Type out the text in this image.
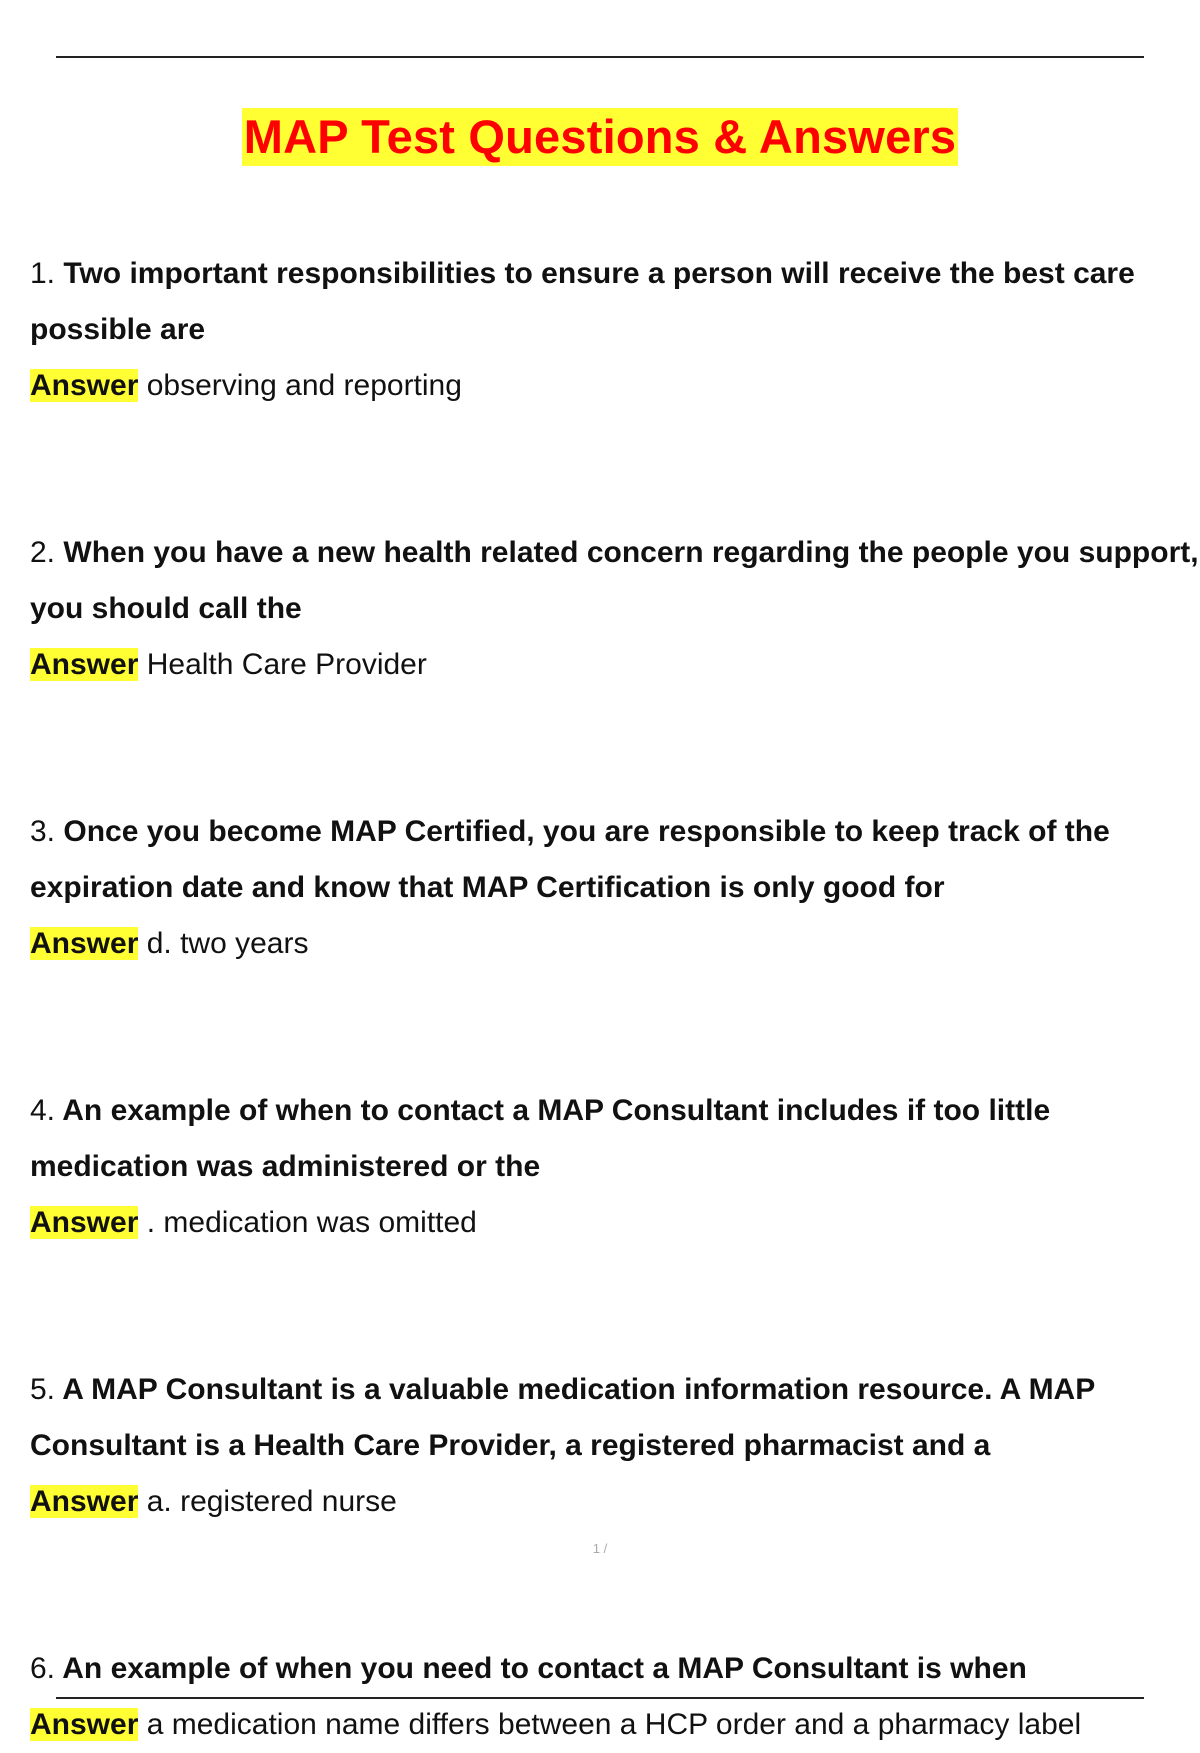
MAP Test Questions & Answers
1. Two important responsibilities to ensure a person will receive the best care possible are
Answer observing and reporting
2. When you have a new health related concern regarding the people you support, you should call the
Answer Health Care Provider
3. Once you become MAP Certified, you are responsible to keep track of the expiration date and know that MAP Certification is only good for
Answer d. two years
4. An example of when to contact a MAP Consultant includes if too little medication was administered or the
Answer . medication was omitted
5. A MAP Consultant is a valuable medication information resource. A MAP Consultant is a Health Care Provider, a registered pharmacist and a
Answer a. registered nurse
6. An example of when you need to contact a MAP Consultant is when
Answer a medication name differs between a HCP order and a pharmacy label
1 /
